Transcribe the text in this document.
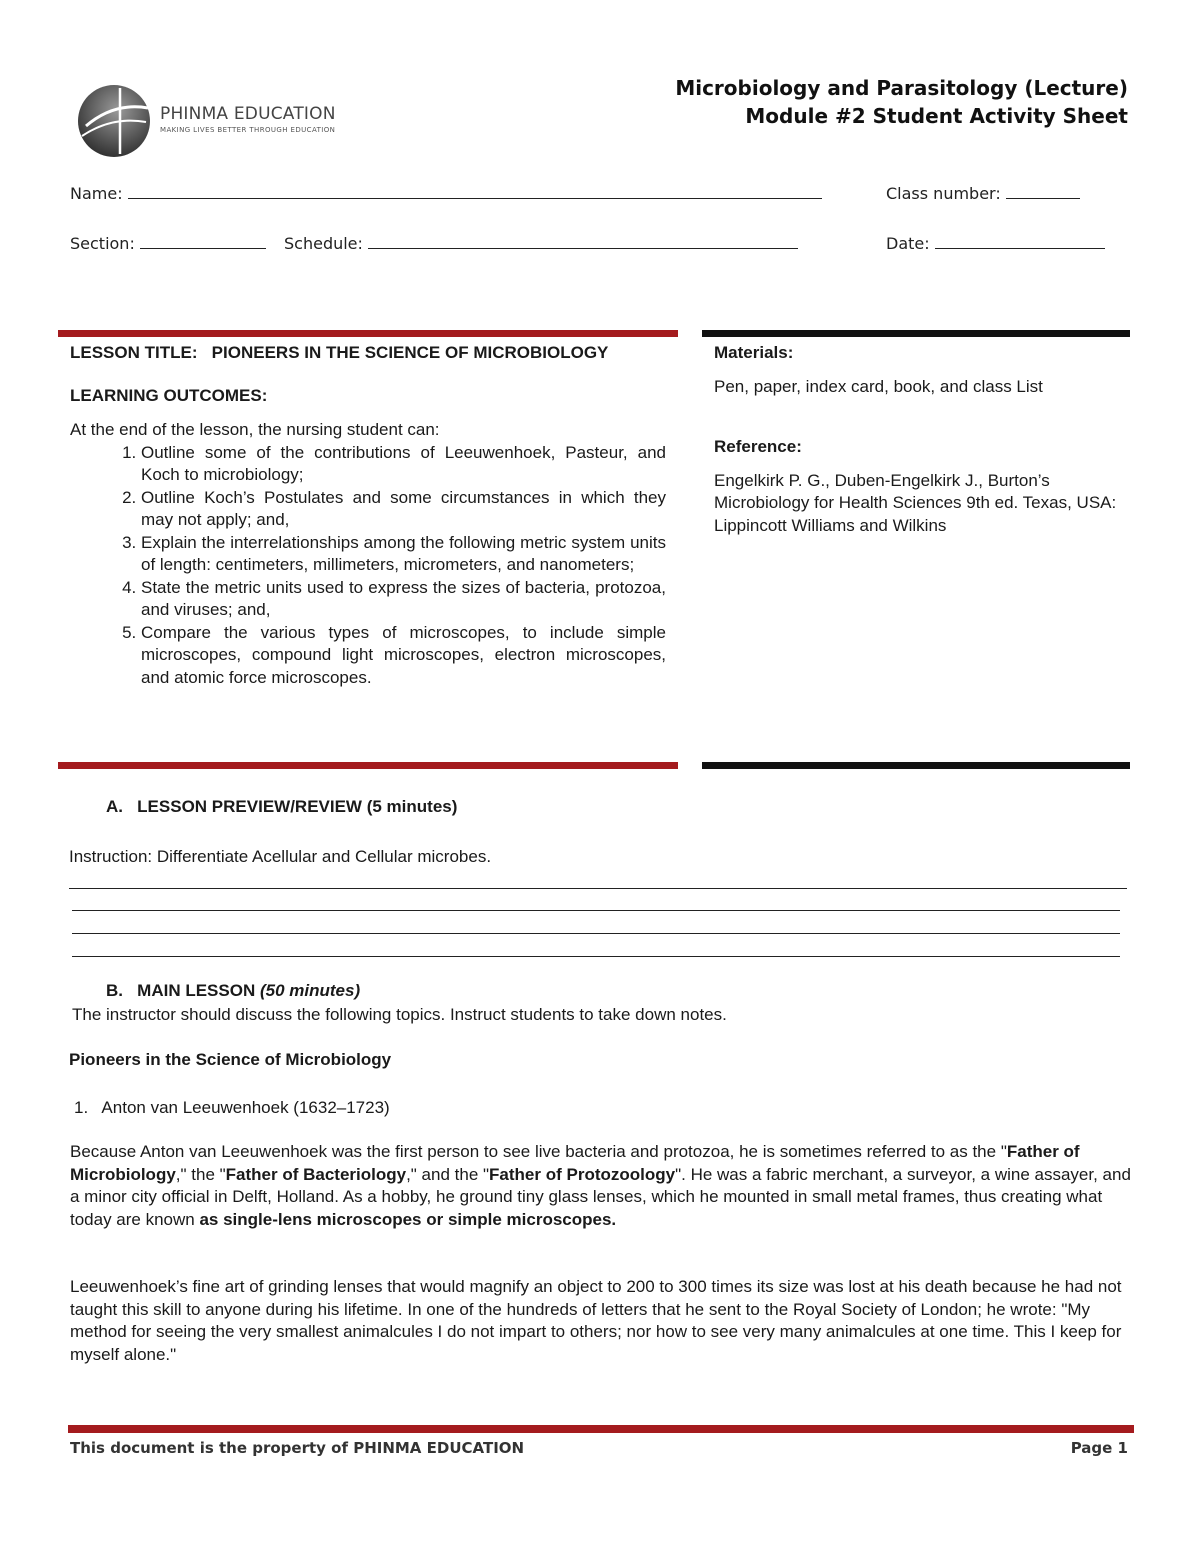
PHINMA EDUCATION
MAKING LIVES BETTER THROUGH EDUCATION
Microbiology and Parasitology (Lecture)
Module #2 Student Activity Sheet
Name:	Class number:
Section:	Schedule:	Date:

LESSON TITLE: PIONEERS IN THE SCIENCE OF MICROBIOLOGY

LEARNING OUTCOMES:

At the end of the lesson, the nursing student can:

1. Outline some of the contributions of Leeuwenhoek, Pasteur, and Koch to microbiology;
2. Outline Koch’s Postulates and some circumstances in which they may not apply; and,
3. Explain the interrelationships among the following metric system units of length: centimeters, millimeters, micrometers, and nanometers;
4. State the metric units used to express the sizes of bacteria, protozoa, and viruses; and,
5. Compare the various types of microscopes, to include simple microscopes, compound light microscopes, electron microscopes, and atomic force microscopes.

Materials:

Pen, paper, index card, book, and class List

Reference:

Engelkirk P. G., Duben-Engelkirk J., Burton’s Microbiology for Health Sciences 9th ed. Texas, USA: Lippincott Williams and Wilkins

A. LESSON PREVIEW/REVIEW (5 minutes)
Instruction: Differentiate Acellular and Cellular microbes.
B. MAIN LESSON (50 minutes)
The instructor should discuss the following topics. Instruct students to take down notes.
Pioneers in the Science of Microbiology
1. Anton van Leeuwenhoek (1632–1723)
Because Anton van Leeuwenhoek was the first person to see live bacteria and protozoa, he is sometimes referred to as the "Father of Microbiology," the "Father of Bacteriology," and the "Father of Protozoology". He was a fabric merchant, a surveyor, a wine assayer, and a minor city official in Delft, Holland. As a hobby, he ground tiny glass lenses, which he mounted in small metal frames, thus creating what today are known as single-lens microscopes or simple microscopes.
Leeuwenhoek’s fine art of grinding lenses that would magnify an object to 200 to 300 times its size was lost at his death because he had not taught this skill to anyone during his lifetime. In one of the hundreds of letters that he sent to the Royal Society of London; he wrote: "My method for seeing the very smallest animalcules I do not impart to others; nor how to see very many animalcules at one time. This I keep for myself alone."
This document is the property of PHINMA EDUCATION	Page 1
